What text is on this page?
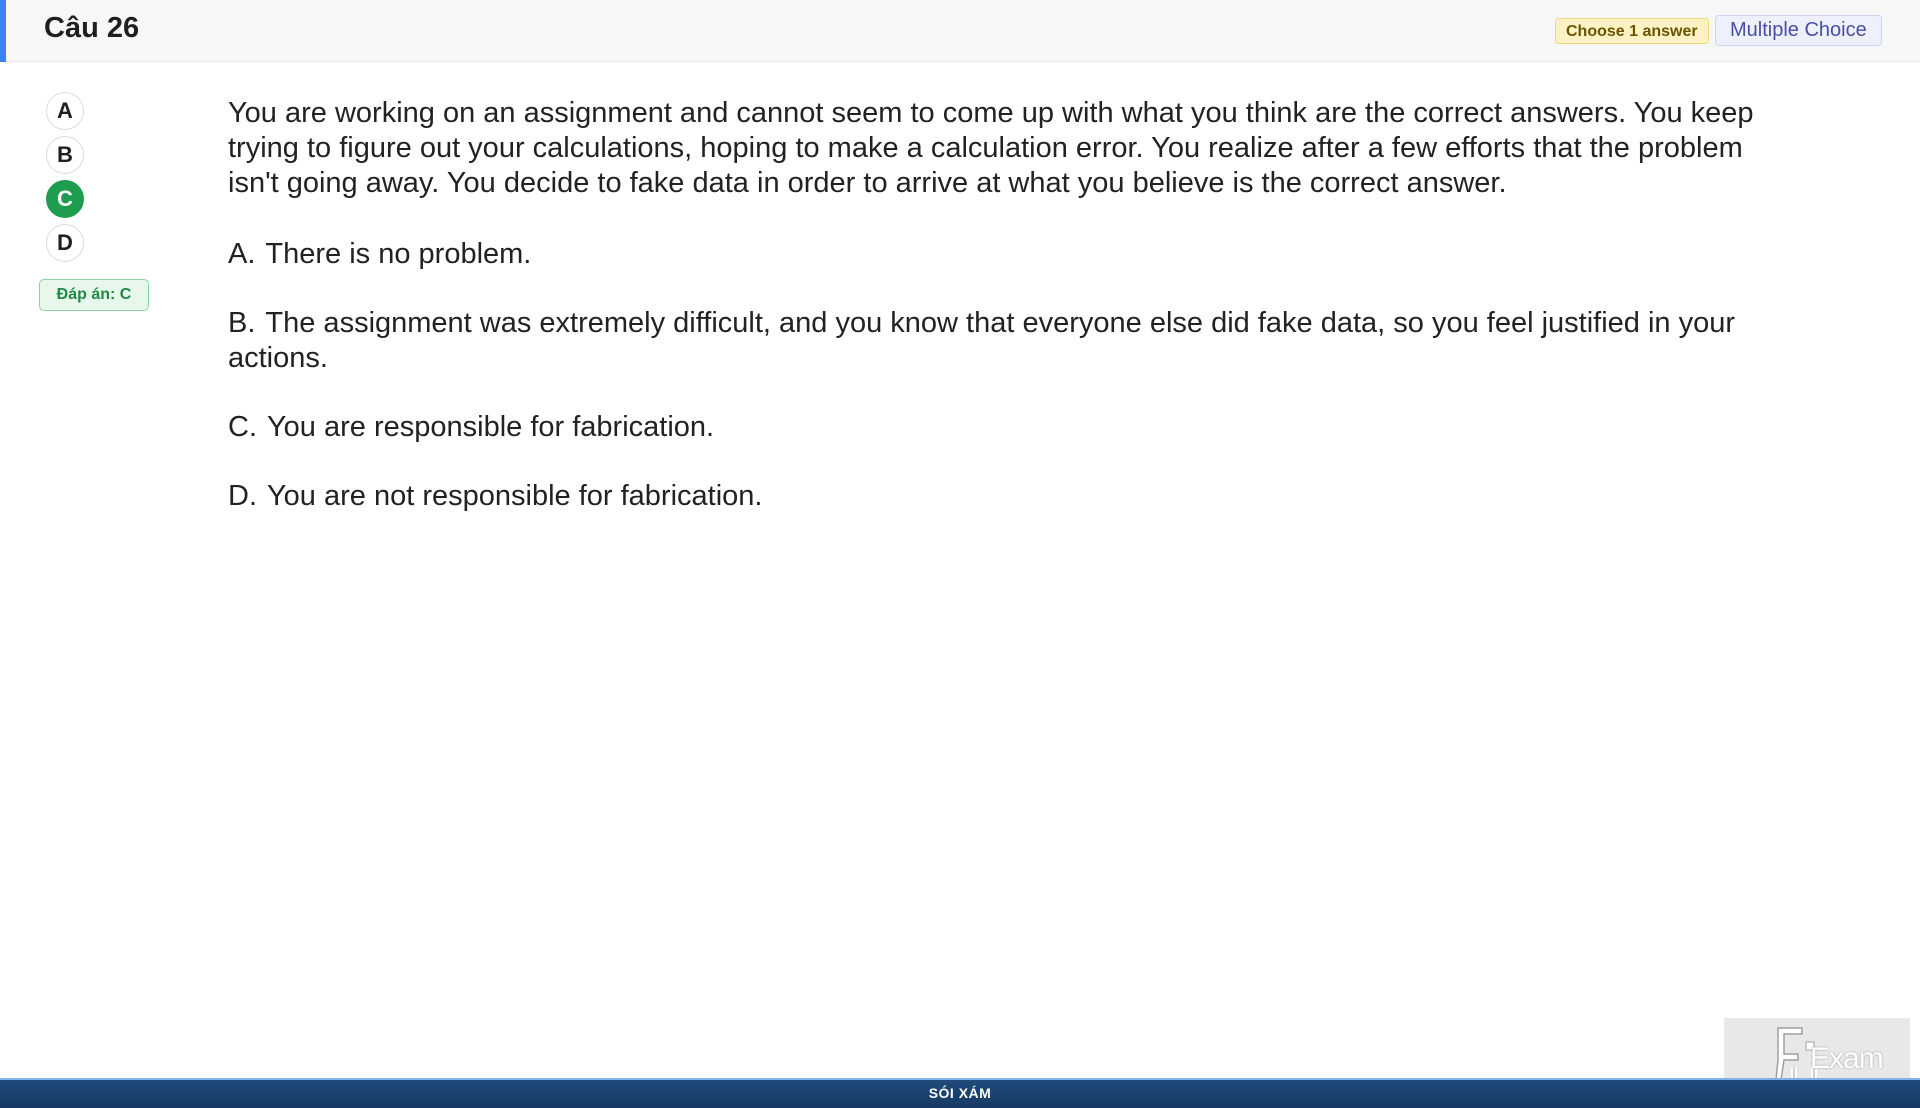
Câu 26	Choose 1 answer	Multiple Choice
A
B
C
D
Đáp án: C

You are working on an assignment and cannot seem to come up with what you think are the correct answers. You keep trying to figure out your calculations, hoping to make a calculation error. You realize after a few efforts that the problem isn't going away. You decide to fake data in order to arrive at what you believe is the correct answer.

A. There is no problem.

B. The assignment was extremely difficult, and you know that everyone else did fake data, so you feel justified in your actions.

C. You are responsible for fabrication.

D. You are not responsible for fabrication.

Exam
SÓI XÁM
